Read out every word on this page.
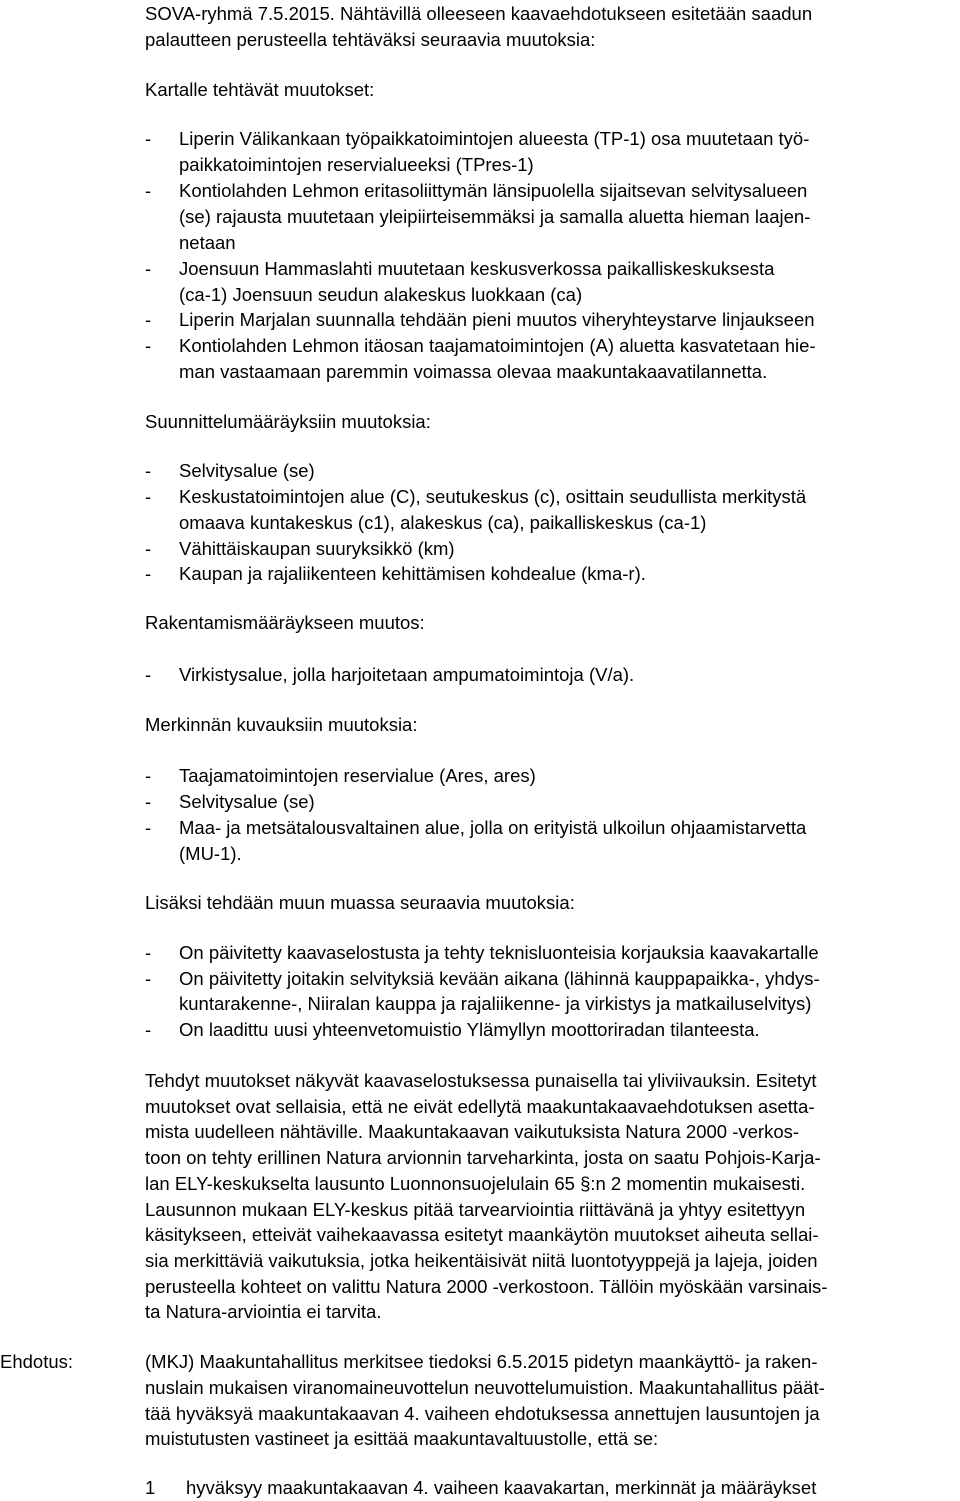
SOVA-ryhmä 7.5.2015. Nähtävillä olleeseen kaavaehdotukseen esitetään saadun
palautteen perusteella tehtäväksi seuraavia muutoksia:
Kartalle tehtävät muutokset:
- Liperin Välikankaan työpaikkatoimintojen alueesta (TP-1) osa muutetaan työ-
paikkatoimintojen reservialueeksi (TPres-1)
- Kontiolahden Lehmon eritasoliittymän länsipuolella sijaitsevan selvitysalueen
(se) rajausta muutetaan yleipiirteisemmäksi ja samalla aluetta hieman laajen-
netaan
- Joensuun Hammaslahti muutetaan keskusverkossa paikalliskeskuksesta
(ca-1) Joensuun seudun alakeskus luokkaan (ca)
- Liperin Marjalan suunnalla tehdään pieni muutos viheryhteystarve linjaukseen
- Kontiolahden Lehmon itäosan taajamatoimintojen (A) aluetta kasvatetaan hie-
man vastaamaan paremmin voimassa olevaa maakuntakaavatilannetta.
Suunnittelumääräyksiin muutoksia:
- Selvitysalue (se)
- Keskustatoimintojen alue (C), seutukeskus (c), osittain seudullista merkitystä
omaava kuntakeskus (c1), alakeskus (ca), paikalliskeskus (ca-1)
- Vähittäiskaupan suuryksikkö (km)
- Kaupan ja rajaliikenteen kehittämisen kohdealue (kma-r).
Rakentamismääräykseen muutos:
- Virkistysalue, jolla harjoitetaan ampumatoimintoja (V/a).
Merkinnän kuvauksiin muutoksia:
- Taajamatoimintojen reservialue (Ares, ares)
- Selvitysalue (se)
- Maa- ja metsätalousvaltainen alue, jolla on erityistä ulkoilun ohjaamistarvetta
(MU-1).
Lisäksi tehdään muun muassa seuraavia muutoksia:
- On päivitetty kaavaselostusta ja tehty teknisluonteisia korjauksia kaavakartalle
- On päivitetty joitakin selvityksiä kevään aikana (lähinnä kauppapaikka-, yhdys-
kuntarakenne-, Niiralan kauppa ja rajaliikenne- ja virkistys ja matkailuselvitys)
- On laadittu uusi yhteenvetomuistio Ylämyllyn moottoriradan tilanteesta.
Tehdyt muutokset näkyvät kaavaselostuksessa punaisella tai yliviivauksin. Esitetyt
muutokset ovat sellaisia, että ne eivät edellytä maakuntakaavaehdotuksen asetta-
mista uudelleen nähtäville. Maakuntakaavan vaikutuksista Natura 2000 -verkos-
toon on tehty erillinen Natura arvionnin tarveharkinta, josta on saatu Pohjois-Karja-
lan ELY-keskukselta lausunto Luonnonsuojelulain 65 §:n 2 momentin mukaisesti.
Lausunnon mukaan ELY-keskus pitää tarvearviointia riittävänä ja yhtyy esitettyyn
käsitykseen, etteivät vaihekaavassa esitetyt maankäytön muutokset aiheuta sellai-
sia merkittäviä vaikutuksia, jotka heikentäisivät niitä luontotyyppejä ja lajeja, joiden
perusteella kohteet on valittu Natura 2000 -verkostoon. Tällöin myöskään varsinais-
ta Natura-arviointia ei tarvita.
Ehdotus:	(MKJ) Maakuntahallitus merkitsee tiedoksi 6.5.2015 pidetyn maankäyttö- ja raken-
nuslain mukaisen viranomaineuvottelun neuvottelumuistion. Maakuntahallitus päät-
tää hyväksyä maakuntakaavan 4. vaiheen ehdotuksessa annettujen lausuntojen ja
muistutusten vastineet ja esittää maakuntavaltuustolle, että se:
1 hyväksyy maakuntakaavan 4. vaiheen kaavakartan, merkinnät ja määräykset
